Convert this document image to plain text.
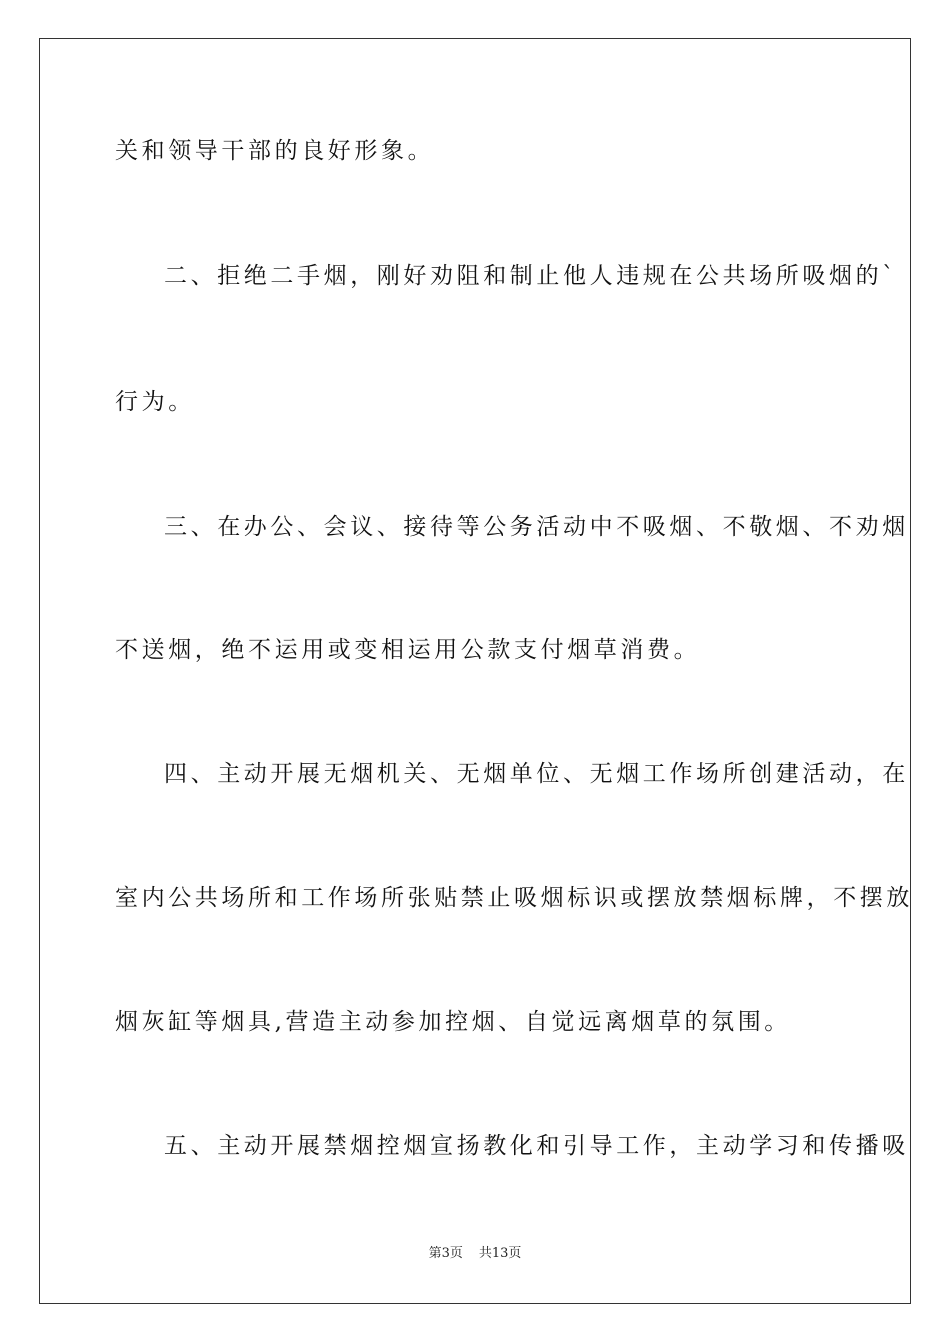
关和领导干部的良好形象。
二、拒绝二手烟，刚好劝阻和制止他人违规在公共场所吸烟的`
行为。
三、在办公、会议、接待等公务活动中不吸烟、不敬烟、不劝烟
不送烟，绝不运用或变相运用公款支付烟草消费。
四、主动开展无烟机关、无烟单位、无烟工作场所创建活动，在
室内公共场所和工作场所张贴禁止吸烟标识或摆放禁烟标牌，不摆放
烟灰缸等烟具,营造主动参加控烟、自觉远离烟草的氛围。
五、主动开展禁烟控烟宣扬教化和引导工作，主动学习和传播吸
第3页 共13页
